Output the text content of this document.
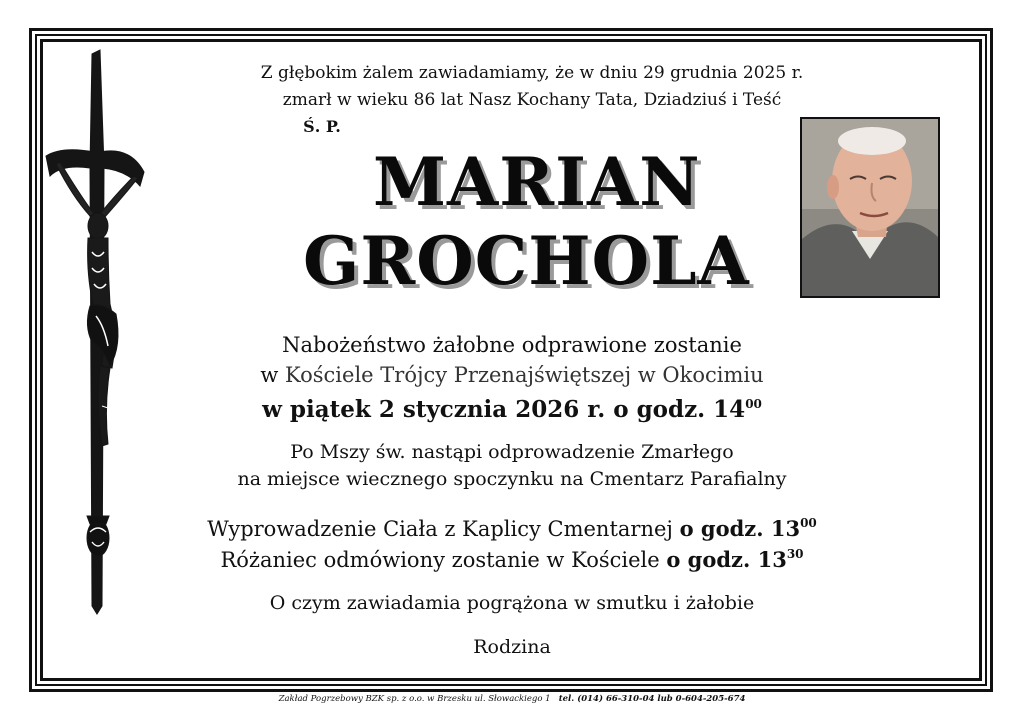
Z głębokim żalem zawiadamiamy, że w dniu 29 grudnia 2025 r.
zmarł w wieku 86 lat Nasz Kochany Tata, Dziadziuś i Teść
Ś. P.
MARIAN
GROCHOLA
Nabożeństwo żałobne odprawione zostanie
w Kościele Trójcy Przenajświętszej w Okocimiu
w piątek 2 stycznia 2026 r. o godz. $14^{00}$
Po Mszy św. nastąpi odprowadzenie Zmarłego
na miejsce wiecznego spoczynku na Cmentarz Parafialny
Wyprowadzenie Ciała z Kaplicy Cmentarnej o godz. $13^{00}$
Różaniec odmówiony zostanie w Kościele o godz. $13^{30}$
O czym zawiadamia pogrążona w smutku i żałobie
Rodzina
Zakład Pogrzebowy BZK sp. z o.o. w Brzesku ul. Słowackiego 1 tel. (014) 66-310-04 lub 0-604-205-674
